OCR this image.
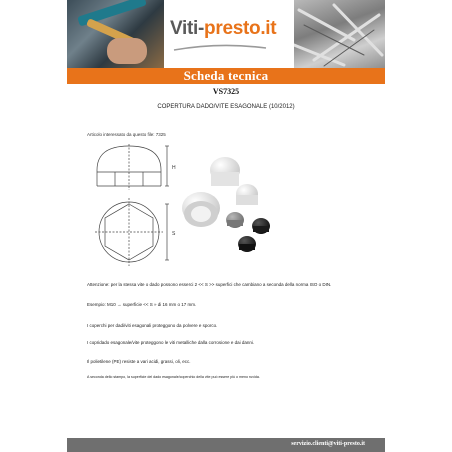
Viti-presto.it
Scheda tecnica
VS7325
COPERTURA DADO/VITE ESAGONALE (10/2012)
Articolo interessato da questo file: 7325
H
S
Attenzione: per la stessa vite o dado possono esserci 2 << S >> superfici che cambiano a seconda della norma ISO o DIN.
Esempio: M10 → superficie << S » di 16 mm o 17 mm.
I coperchi per dadi/viti esagonali proteggono da polvere e sporco.
I copridado esagonale/vite proteggono le viti metalliche dalla corrosione e dai danni.
Il polietilene (PE) resiste a vari acidi, grassi, oli, ecc.
A seconda dello stampo, la superficie del dado esagonale/coperchio della vite può essere più o meno ruvida.
servizio.clienti@viti-presto.it
